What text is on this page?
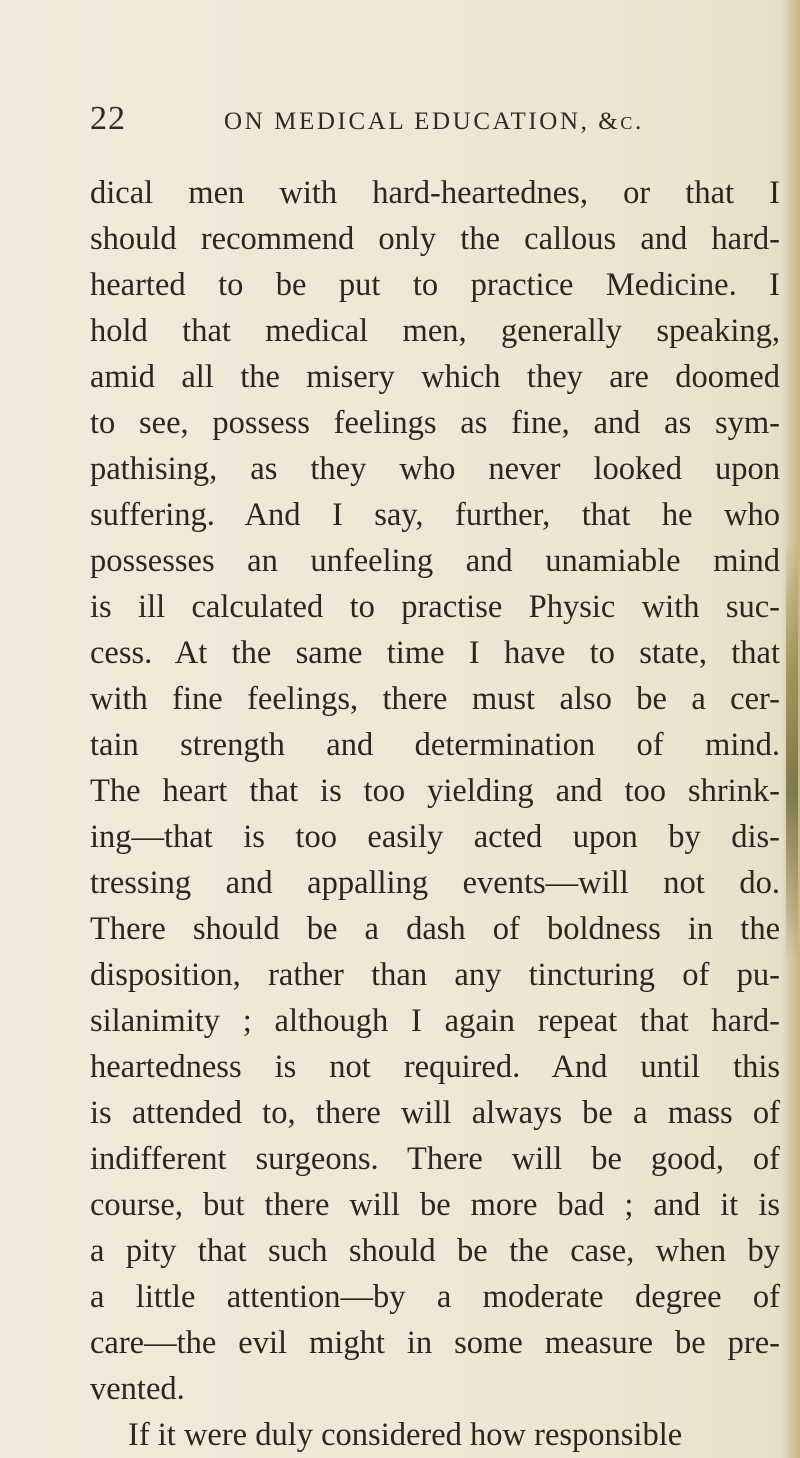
22	ON MEDICAL EDUCATION, &c.
dical men with hard-heartednes, or that I
should recommend only the callous and hard-
hearted to be put to practice Medicine. I
hold that medical men, generally speaking,
amid all the misery which they are doomed
to see, possess feelings as fine, and as sym-
pathising, as they who never looked upon
suffering. And I say, further, that he who
possesses an unfeeling and unamiable mind
is ill calculated to practise Physic with suc-
cess. At the same time I have to state, that
with fine feelings, there must also be a cer-
tain strength and determination of mind.
The heart that is too yielding and too shrink-
ing—that is too easily acted upon by dis-
tressing and appalling events—will not do.
There should be a dash of boldness in the
disposition, rather than any tincturing of pu-
silanimity ; although I again repeat that hard-
heartedness is not required. And until this
is attended to, there will always be a mass of
indifferent surgeons. There will be good, of
course, but there will be more bad ; and it is
a pity that such should be the case, when by
a little attention—by a moderate degree of
care—the evil might in some measure be pre-
vented.
If it were duly considered how responsible
